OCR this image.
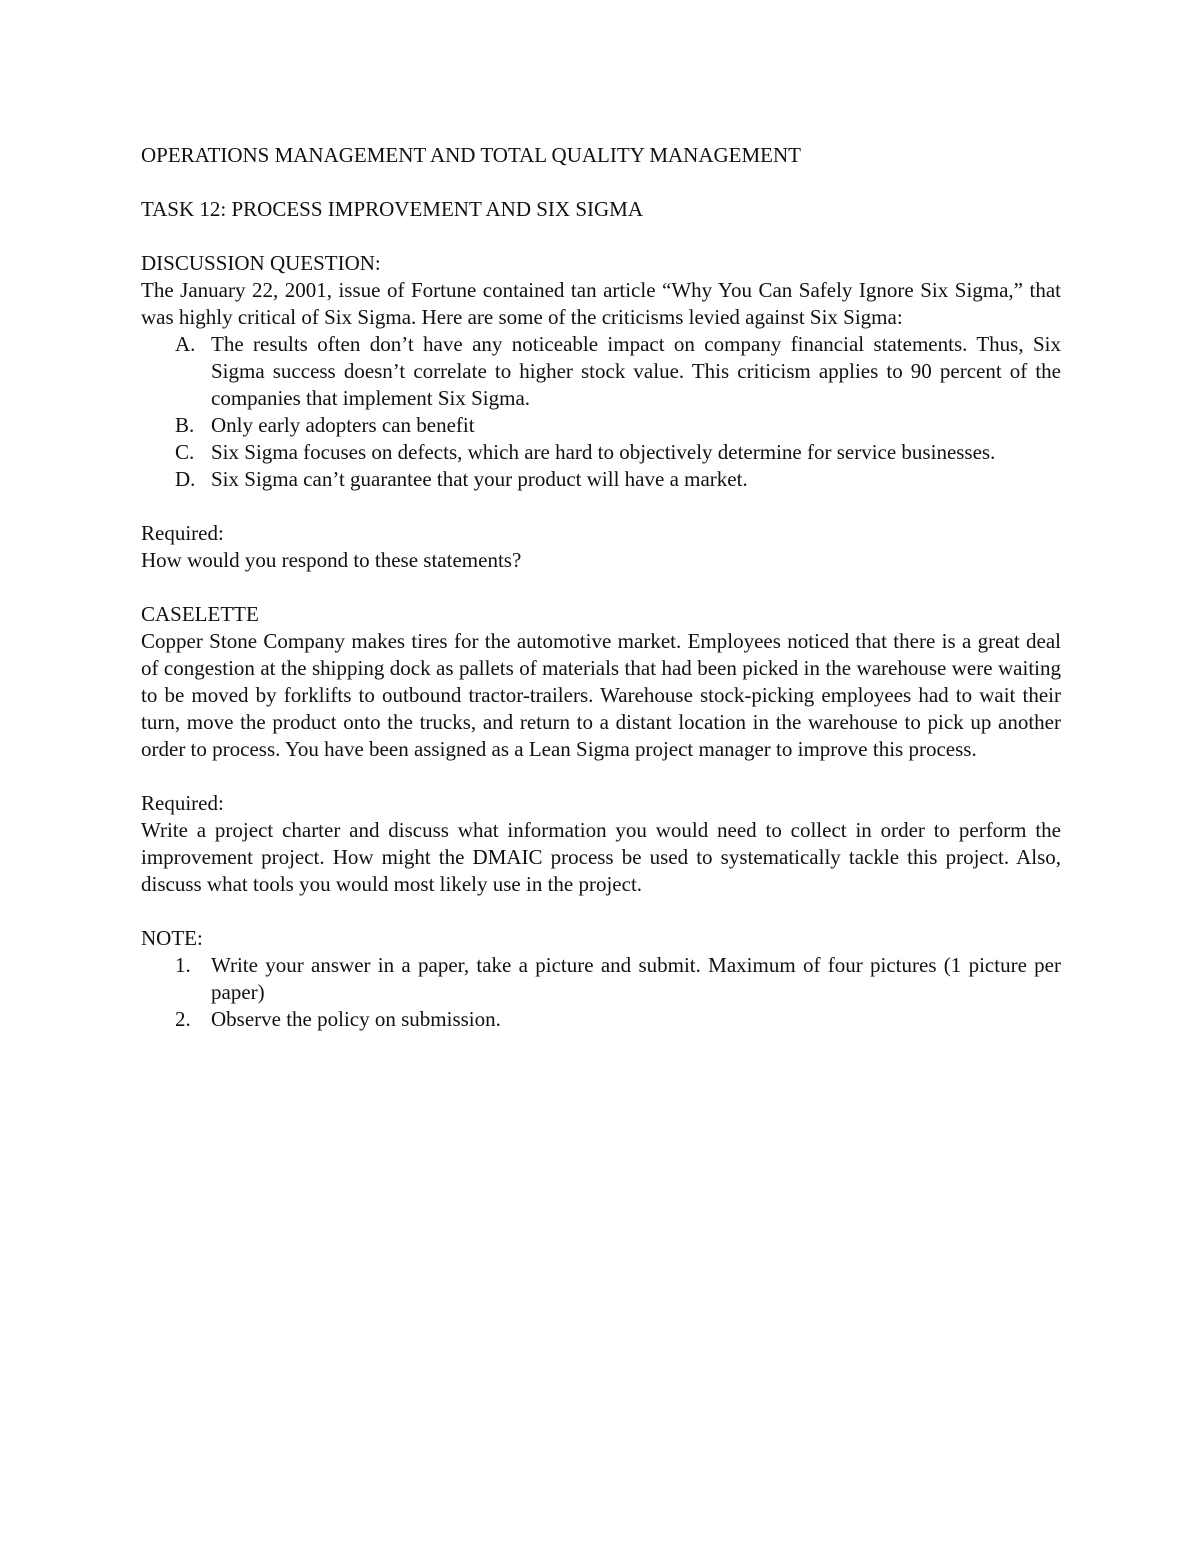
OPERATIONS MANAGEMENT AND TOTAL QUALITY MANAGEMENT

TASK 12: PROCESS IMPROVEMENT AND SIX SIGMA

DISCUSSION QUESTION:

The January 22, 2001, issue of Fortune contained tan article “Why You Can Safely Ignore Six Sigma,” that was highly critical of Six Sigma. Here are some of the criticisms levied against Six Sigma:

A. The results often don’t have any noticeable impact on company financial statements. Thus, Six Sigma success doesn’t correlate to higher stock value. This criticism applies to 90 percent of the companies that implement Six Sigma.
B. Only early adopters can benefit
C. Six Sigma focuses on defects, which are hard to objectively determine for service businesses.
D. Six Sigma can’t guarantee that your product will have a market.

Required:

How would you respond to these statements?

CASELETTE

Copper Stone Company makes tires for the automotive market. Employees noticed that there is a great deal of congestion at the shipping dock as pallets of materials that had been picked in the warehouse were waiting to be moved by forklifts to outbound tractor-trailers. Warehouse stock-picking employees had to wait their turn, move the product onto the trucks, and return to a distant location in the warehouse to pick up another order to process. You have been assigned as a Lean Sigma project manager to improve this process.

Required:

Write a project charter and discuss what information you would need to collect in order to perform the improvement project. How might the DMAIC process be used to systematically tackle this project. Also, discuss what tools you would most likely use in the project.

NOTE:

1. Write your answer in a paper, take a picture and submit. Maximum of four pictures (1 picture per paper)
2. Observe the policy on submission.
